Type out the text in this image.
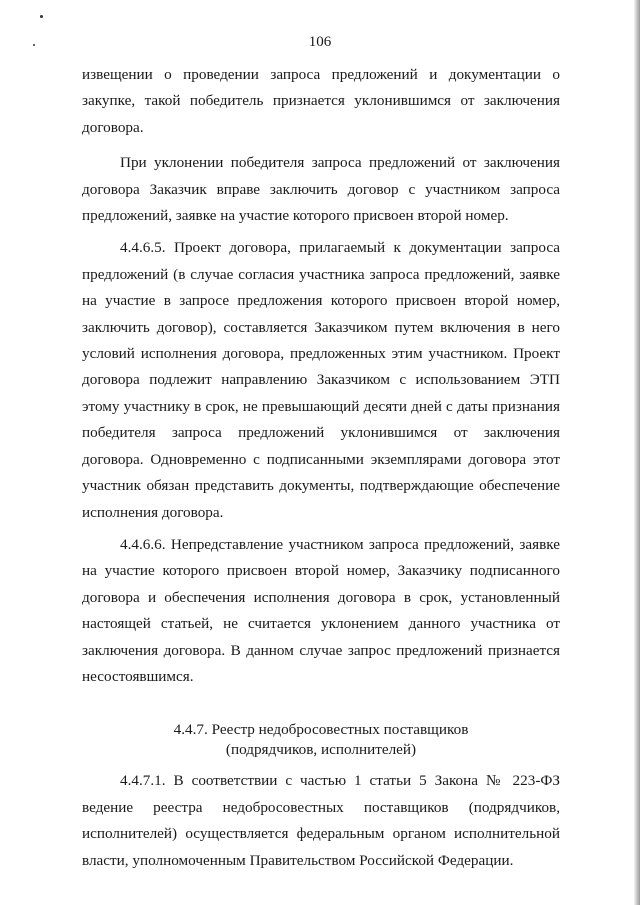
106

извещении о проведении запроса предложений и документации о закупке, такой победитель признается уклонившимся от заключения договора.

При уклонении победителя запроса предложений от заключения договора Заказчик вправе заключить договор с участником запроса предложений, заявке на участие которого присвоен второй номер.

4.4.6.5. Проект договора, прилагаемый к документации запроса предложений (в случае согласия участника запроса предложений, заявке на участие в запросе предложения которого присвоен второй номер, заключить договор), составляется Заказчиком путем включения в него условий исполнения договора, предложенных этим участником. Проект договора подлежит направлению Заказчиком с использованием ЭТП этому участнику в срок, не превышающий десяти дней с даты признания победителя запроса предложений уклонившимся от заключения договора. Одновременно с подписанными экземплярами договора этот участник обязан представить документы, подтверждающие обеспечение исполнения договора.

4.4.6.6. Непредставление участником запроса предложений, заявке на участие которого присвоен второй номер, Заказчику подписанного договора и обеспечения исполнения договора в срок, установленный настоящей статьей, не считается уклонением данного участника от заключения договора. В данном случае запрос предложений признается несостоявшимся.

4.4.7. Реестр недобросовестных поставщиков
(подрядчиков, исполнителей)

4.4.7.1. В соответствии с частью 1 статьи 5 Закона № 223-ФЗ ведение реестра недобросовестных поставщиков (подрядчиков, исполнителей) осуществляется федеральным органом исполнительной власти, уполномоченным Правительством Российской Федерации.
